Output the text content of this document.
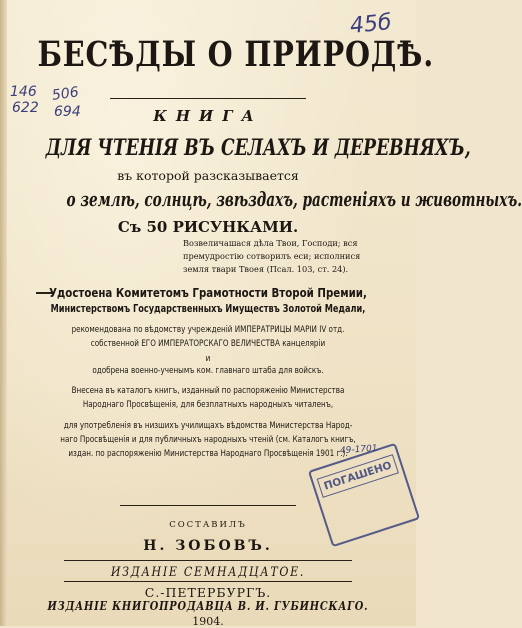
45б
146
622
506
694
49-1701
БЕСѢДЫ О ПРИРОДѢ.
КНИГА
ДЛЯ ЧТЕНІЯ ВЪ СЕЛАХЪ И ДЕРЕВНЯХЪ,
въ которой разсказывается
о землѣ, солнцѣ, звѣздахъ, растеніяхъ и животныхъ.
Съ 50 РИСУНКАМИ.
Возвеличашася дѣла Твои, Господи; вся
премудростію сотворилъ еси; исполнися
земля твари Твоея (Псал. 103, ст. 24).
Удостоена Комитетомъ Грамотности Второй Премии,
Министерствомъ Государственныхъ Имуществъ Золотой Медали,
рекомендована по вѣдомству учрежденій ИМПЕРАТРИЦЫ МАРІИ IV отд.
собственной ЕГО ИМПЕРАТОРСКАГО ВЕЛИЧЕСТВА канцеляріи
и
одобрена военно-ученымъ ком. главнаго штаба для войскъ.
Внесена въ каталогъ книгъ, изданный по распоряженію Министерства
Народнаго Просвѣщенія, для безплатныхъ народныхъ читаленъ,
для употребленія въ низшихъ училищахъ вѣдомства Министерства Народ-
наго Просвѣщенія и для публичныхъ народныхъ чтеній (см. Каталогъ книгъ,
издан. по распоряженію Министерства Народнаго Просвѣщенія 1901 г.).
СОСТАВИЛЪ
Н. ЗОБОВЪ.
ИЗДАНІЕ СЕМНАДЦАТОЕ.
С.-ПЕТЕРБУРГЪ.
ИЗДАНІЕ КНИГОПРОДАВЦА В. И. ГУБИНСКАГО.
1904.
ПОГАШЕНО
